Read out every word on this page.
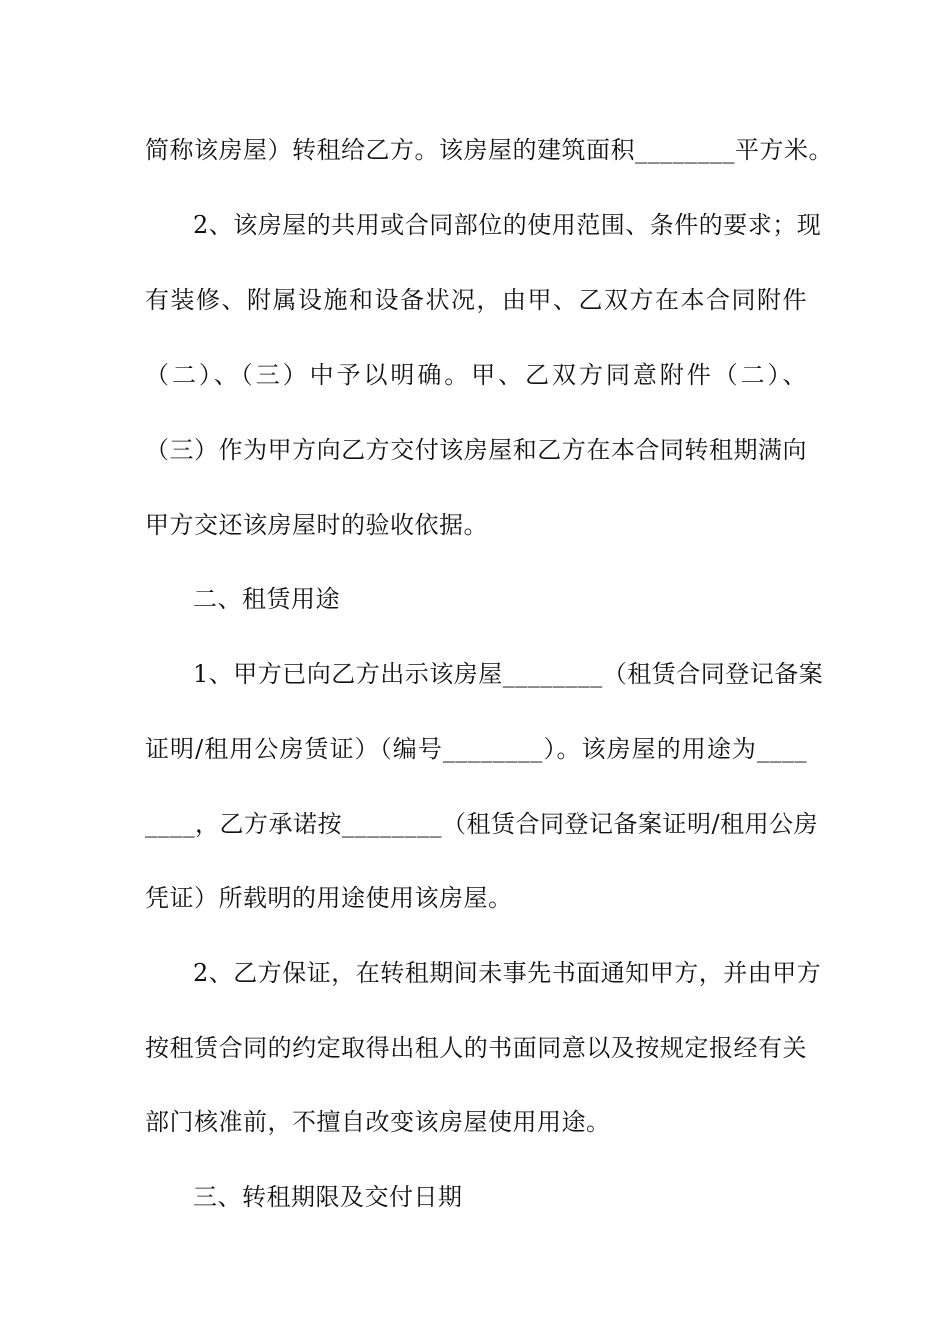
简称该房屋）转租给乙方。该房屋的建筑面积________平方米。
2、该房屋的共用或合同部位的使用范围、条件的要求；现
有装修、附属设施和设备状况，由甲、乙双方在本合同附件
（二）、（三）中予以明确。甲、乙双方同意附件（二）、
（三）作为甲方向乙方交付该房屋和乙方在本合同转租期满向
甲方交还该房屋时的验收依据。
二、租赁用途
1、甲方已向乙方出示该房屋________（租赁合同登记备案
证明/租用公房赁证）（编号________）。该房屋的用途为____
____，乙方承诺按________（租赁合同登记备案证明/租用公房
凭证）所载明的用途使用该房屋。
2、乙方保证，在转租期间未事先书面通知甲方，并由甲方
按租赁合同的约定取得出租人的书面同意以及按规定报经有关
部门核准前，不擅自改变该房屋使用用途。
三、转租期限及交付日期
